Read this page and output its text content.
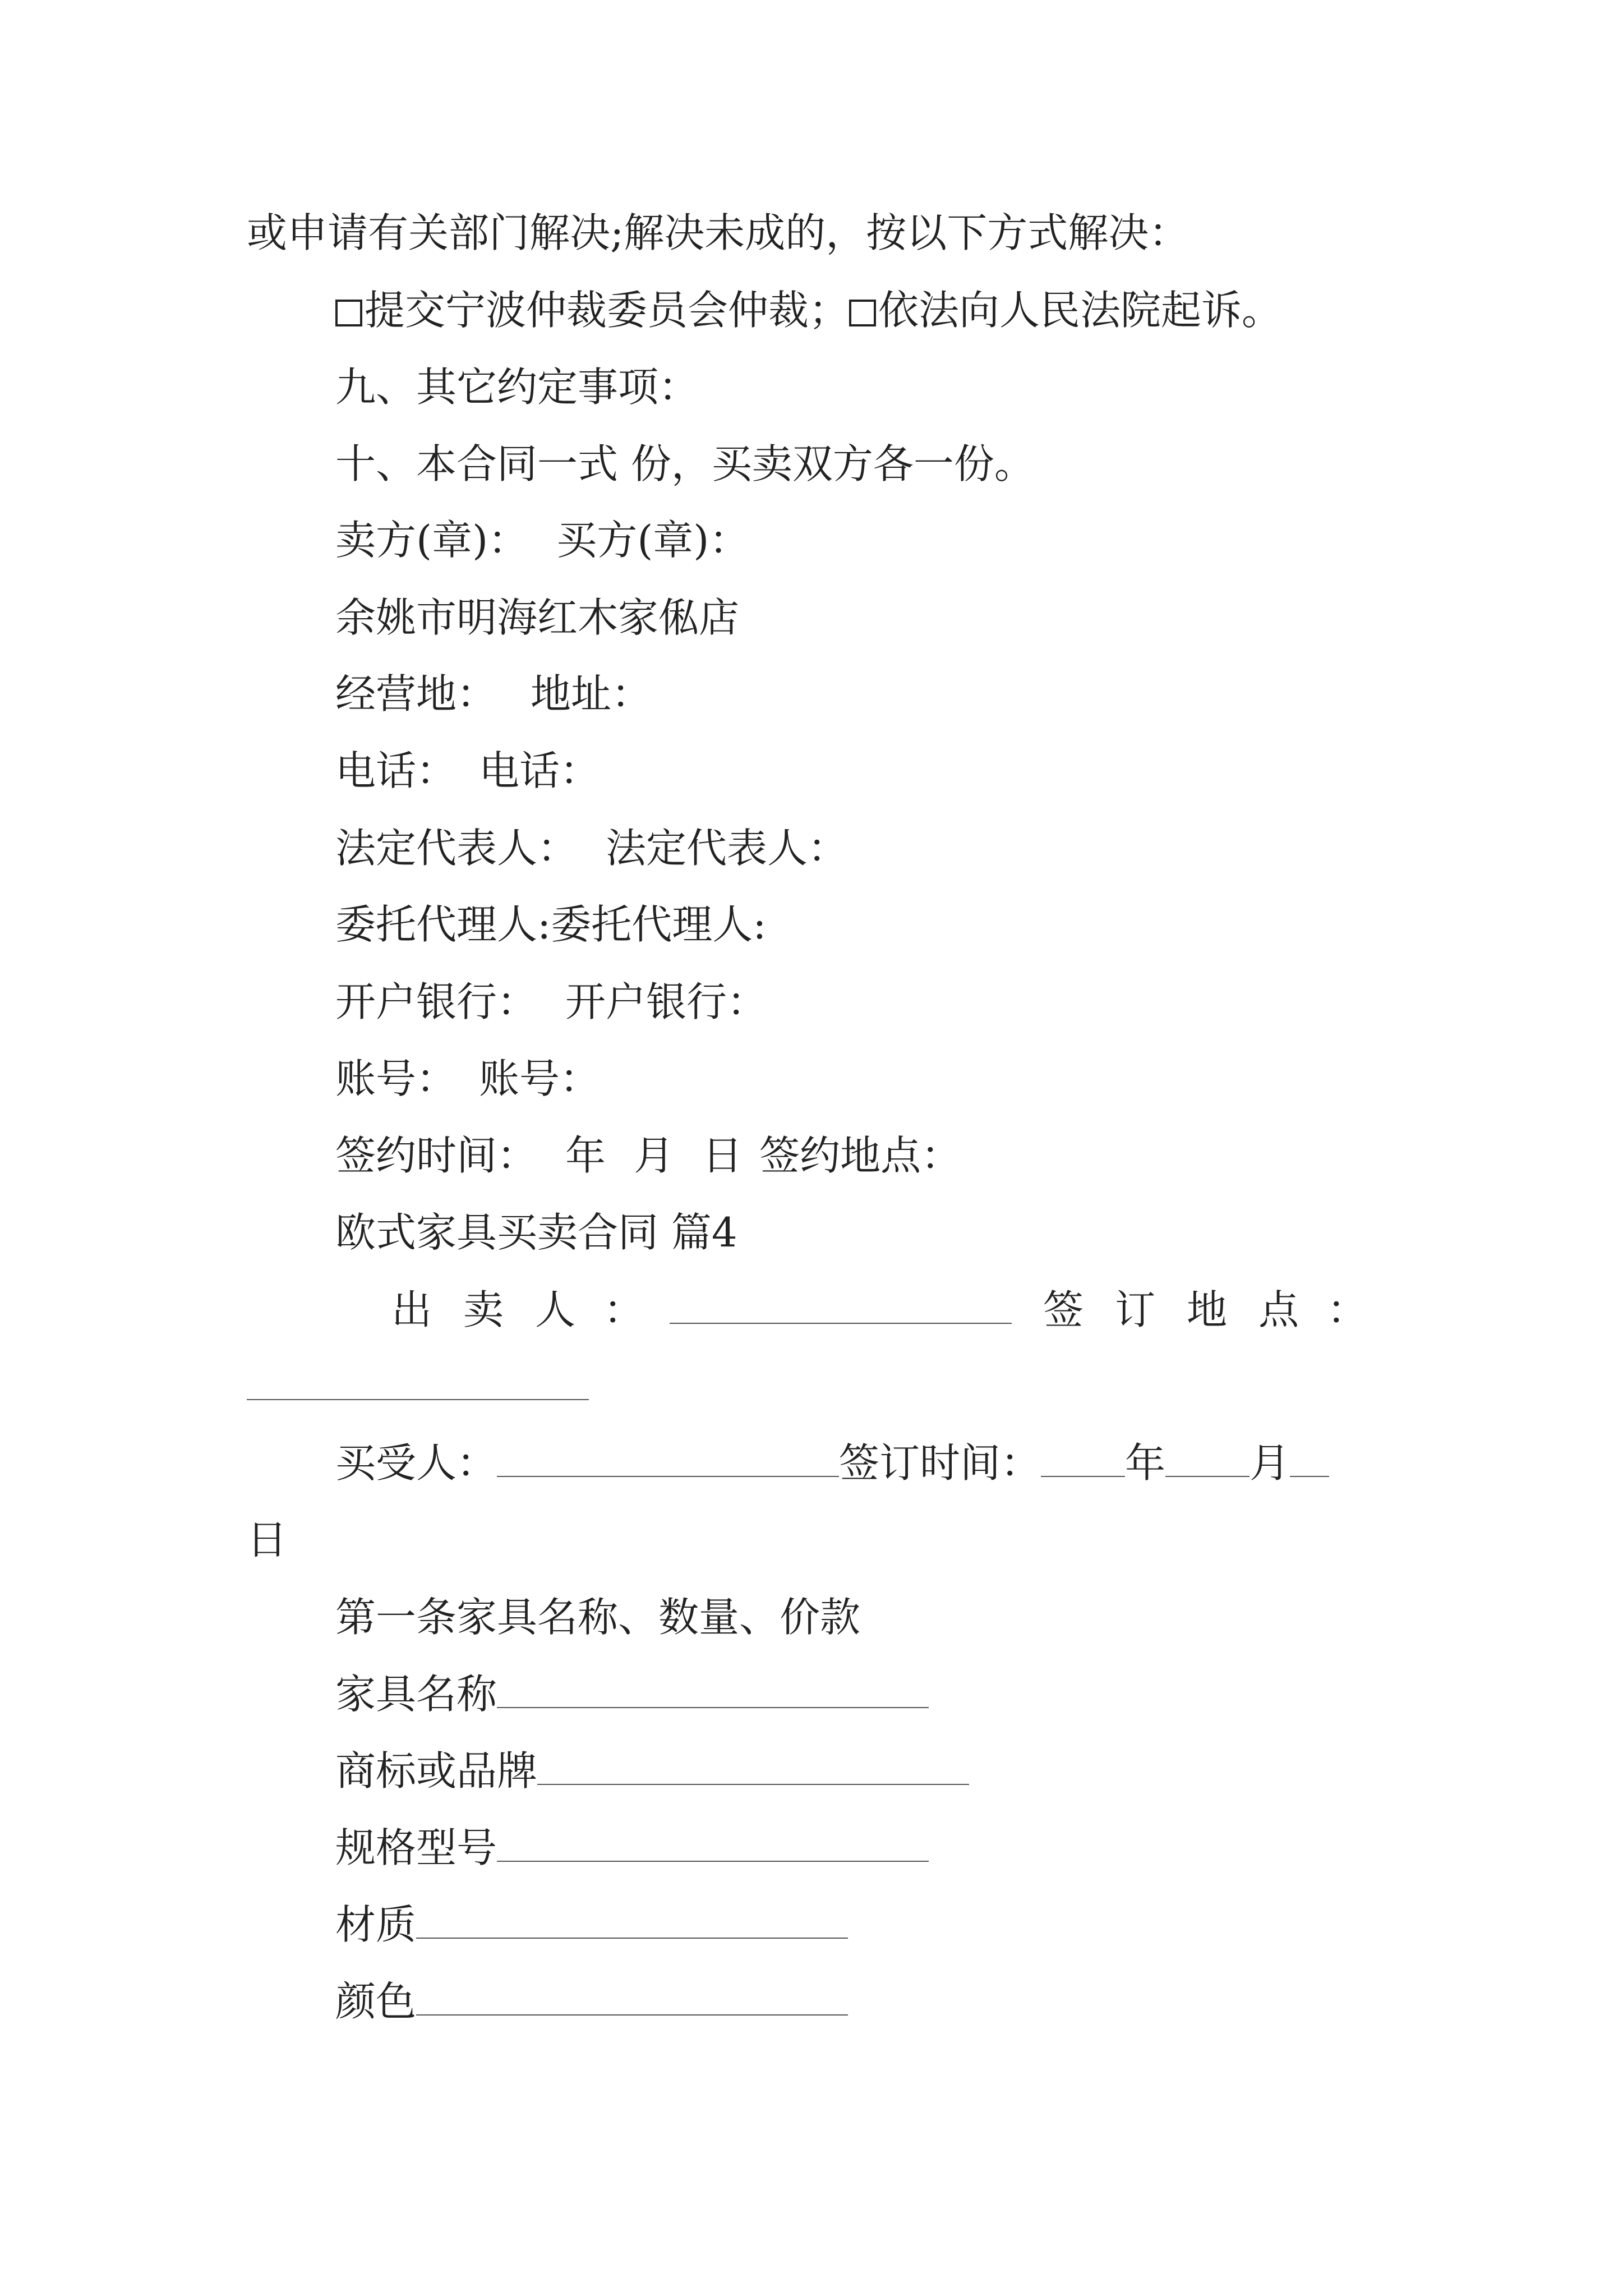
或申请有关部门解决;解决未成的，按以下方式解决：
提交宁波仲裁委员会仲裁； 依法向人民法院起诉。
九、其它约定事项：
十、本合同一式 份，买卖双方各一份。
卖方(章)： 买方(章)：
余姚市明海红木家俬店
经营地： 地址：
电话： 电话：
法定代表人： 法定代表人：
委托代理人:委托代理人:
开户银行： 开户银行：
账号： 账号：
签约时间： 年 月 日 签约地点：
欧式家具买卖合同 篇4
出 卖 人 ：	签 订 地 点 ：
买受人：	签订时间： 年 月
日
第一条家具名称、数量、价款
家具名称
商标或品牌
规格型号
材质
颜色
